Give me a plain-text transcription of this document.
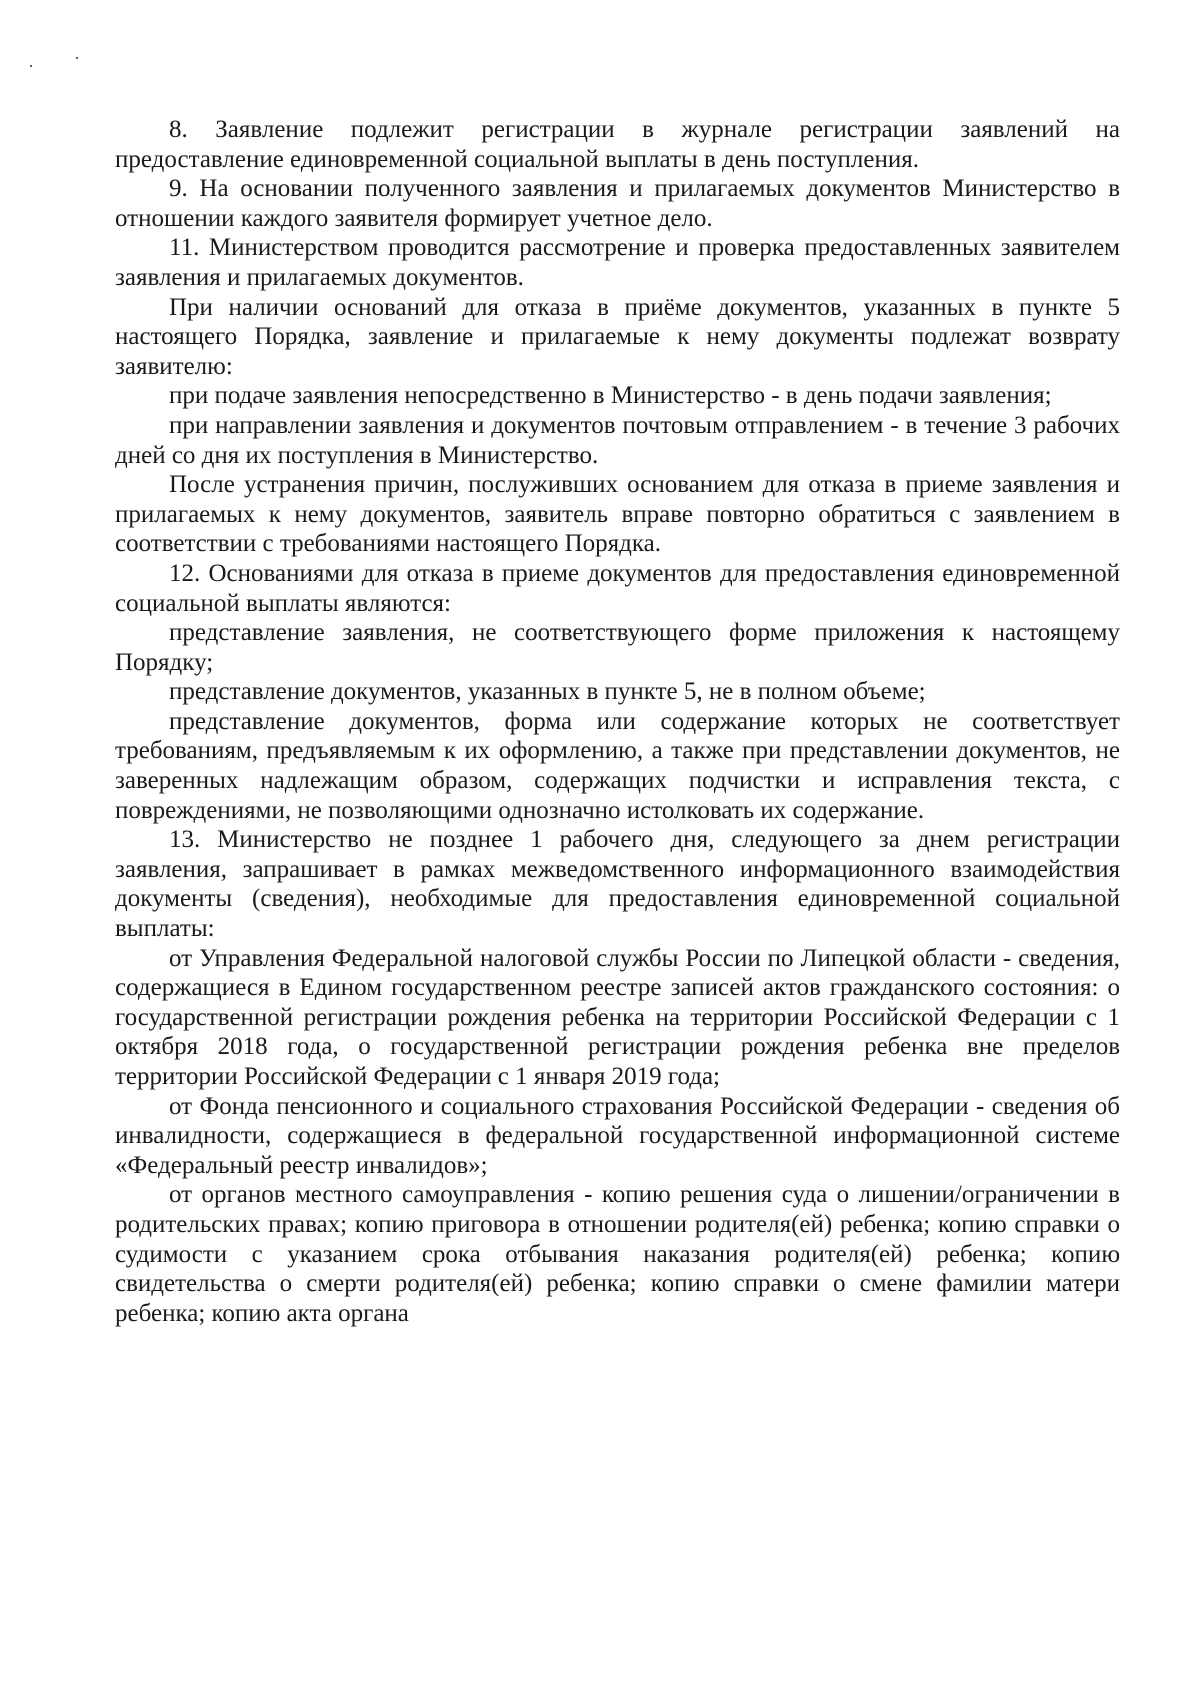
8. Заявление подлежит регистрации в журнале регистрации заявлений на предоставление единовременной социальной выплаты в день поступления.

9. На основании полученного заявления и прилагаемых документов Министерство в отношении каждого заявителя формирует учетное дело.

11. Министерством проводится рассмотрение и проверка предоставленных заявителем заявления и прилагаемых документов.

При наличии оснований для отказа в приёме документов, указанных в пункте 5 настоящего Порядка, заявление и прилагаемые к нему документы подлежат возврату заявителю:

при подаче заявления непосредственно в Министерство - в день подачи заявления;

при направлении заявления и документов почтовым отправлением - в течение 3 рабочих дней со дня их поступления в Министерство.

После устранения причин, послуживших основанием для отказа в приеме заявления и прилагаемых к нему документов, заявитель вправе повторно обратиться с заявлением в соответствии с требованиями настоящего Порядка.

12. Основаниями для отказа в приеме документов для предоставления единовременной социальной выплаты являются:

представление заявления, не соответствующего форме приложения к настоящему Порядку;

представление документов, указанных в пункте 5, не в полном объеме;

представление документов, форма или содержание которых не соответствует требованиям, предъявляемым к их оформлению, а также при представлении документов, не заверенных надлежащим образом, содержащих подчистки и исправления текста, с повреждениями, не позволяющими однозначно истолковать их содержание.

13. Министерство не позднее 1 рабочего дня, следующего за днем регистрации заявления, запрашивает в рамках межведомственного информационного взаимодействия документы (сведения), необходимые для предоставления единовременной социальной выплаты:

от Управления Федеральной налоговой службы России по Липецкой области - сведения, содержащиеся в Едином государственном реестре записей актов гражданского состояния: о государственной регистрации рождения ребенка на территории Российской Федерации с 1 октября 2018 года, о государственной регистрации рождения ребенка вне пределов территории Российской Федерации с 1 января 2019 года;

от Фонда пенсионного и социального страхования Российской Федерации - сведения об инвалидности, содержащиеся в федеральной государственной информационной системе «Федеральный реестр инвалидов»;

от органов местного самоуправления - копию решения суда о лишении/ограничении в родительских правах; копию приговора в отношении родителя(ей) ребенка; копию справки о судимости с указанием срока отбывания наказания родителя(ей) ребенка; копию свидетельства о смерти родителя(ей) ребенка; копию справки о смене фамилии матери ребенка; копию акта органа
